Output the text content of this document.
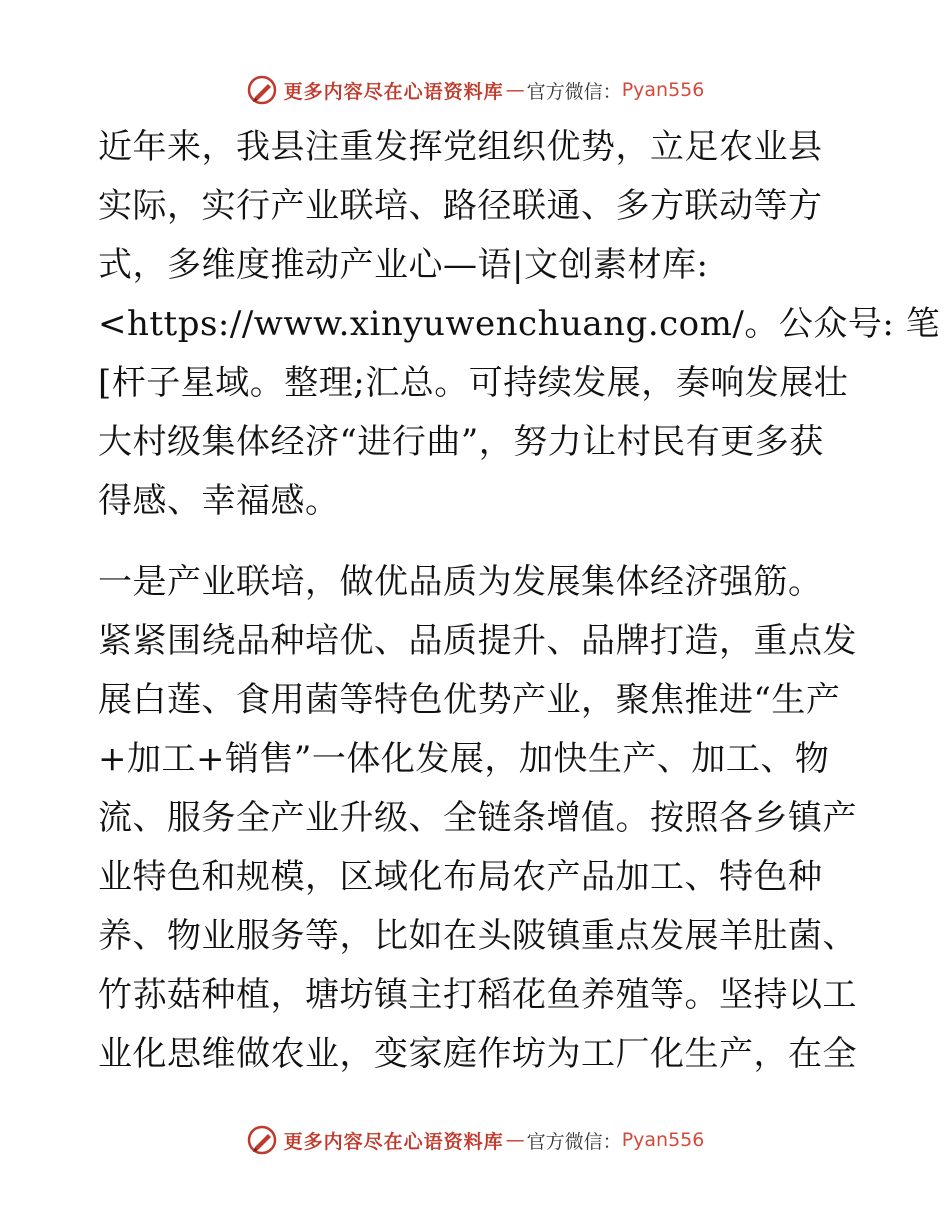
更多内容尽在心语资料库 — 官方微信： Pyan556

近年来，我县注重发挥党组织优势，立足农业县
实际，实行产业联培、路径联通、多方联动等方
式，多维度推动产业心—语|文创素材库:
<https://www.xinyuwenchuang.com/。公众号: 笔
[杆子星域。整理;汇总。可持续发展，奏响发展壮
大村级集体经济“进行曲”，努力让村民有更多获
得感、幸福感。

一是产业联培，做优品质为发展集体经济强筋。
紧紧围绕品种培优、品质提升、品牌打造，重点发
展白莲、食用菌等特色优势产业，聚焦推进“生产
+加工+销售”一体化发展，加快生产、加工、物
流、服务全产业升级、全链条增值。按照各乡镇产
业特色和规模，区域化布局农产品加工、特色种
养、物业服务等，比如在头陂镇重点发展羊肚菌、
竹荪菇种植，塘坊镇主打稻花鱼养殖等。坚持以工
业化思维做农业，变家庭作坊为工厂化生产，在全

更多内容尽在心语资料库 — 官方微信： Pyan556
